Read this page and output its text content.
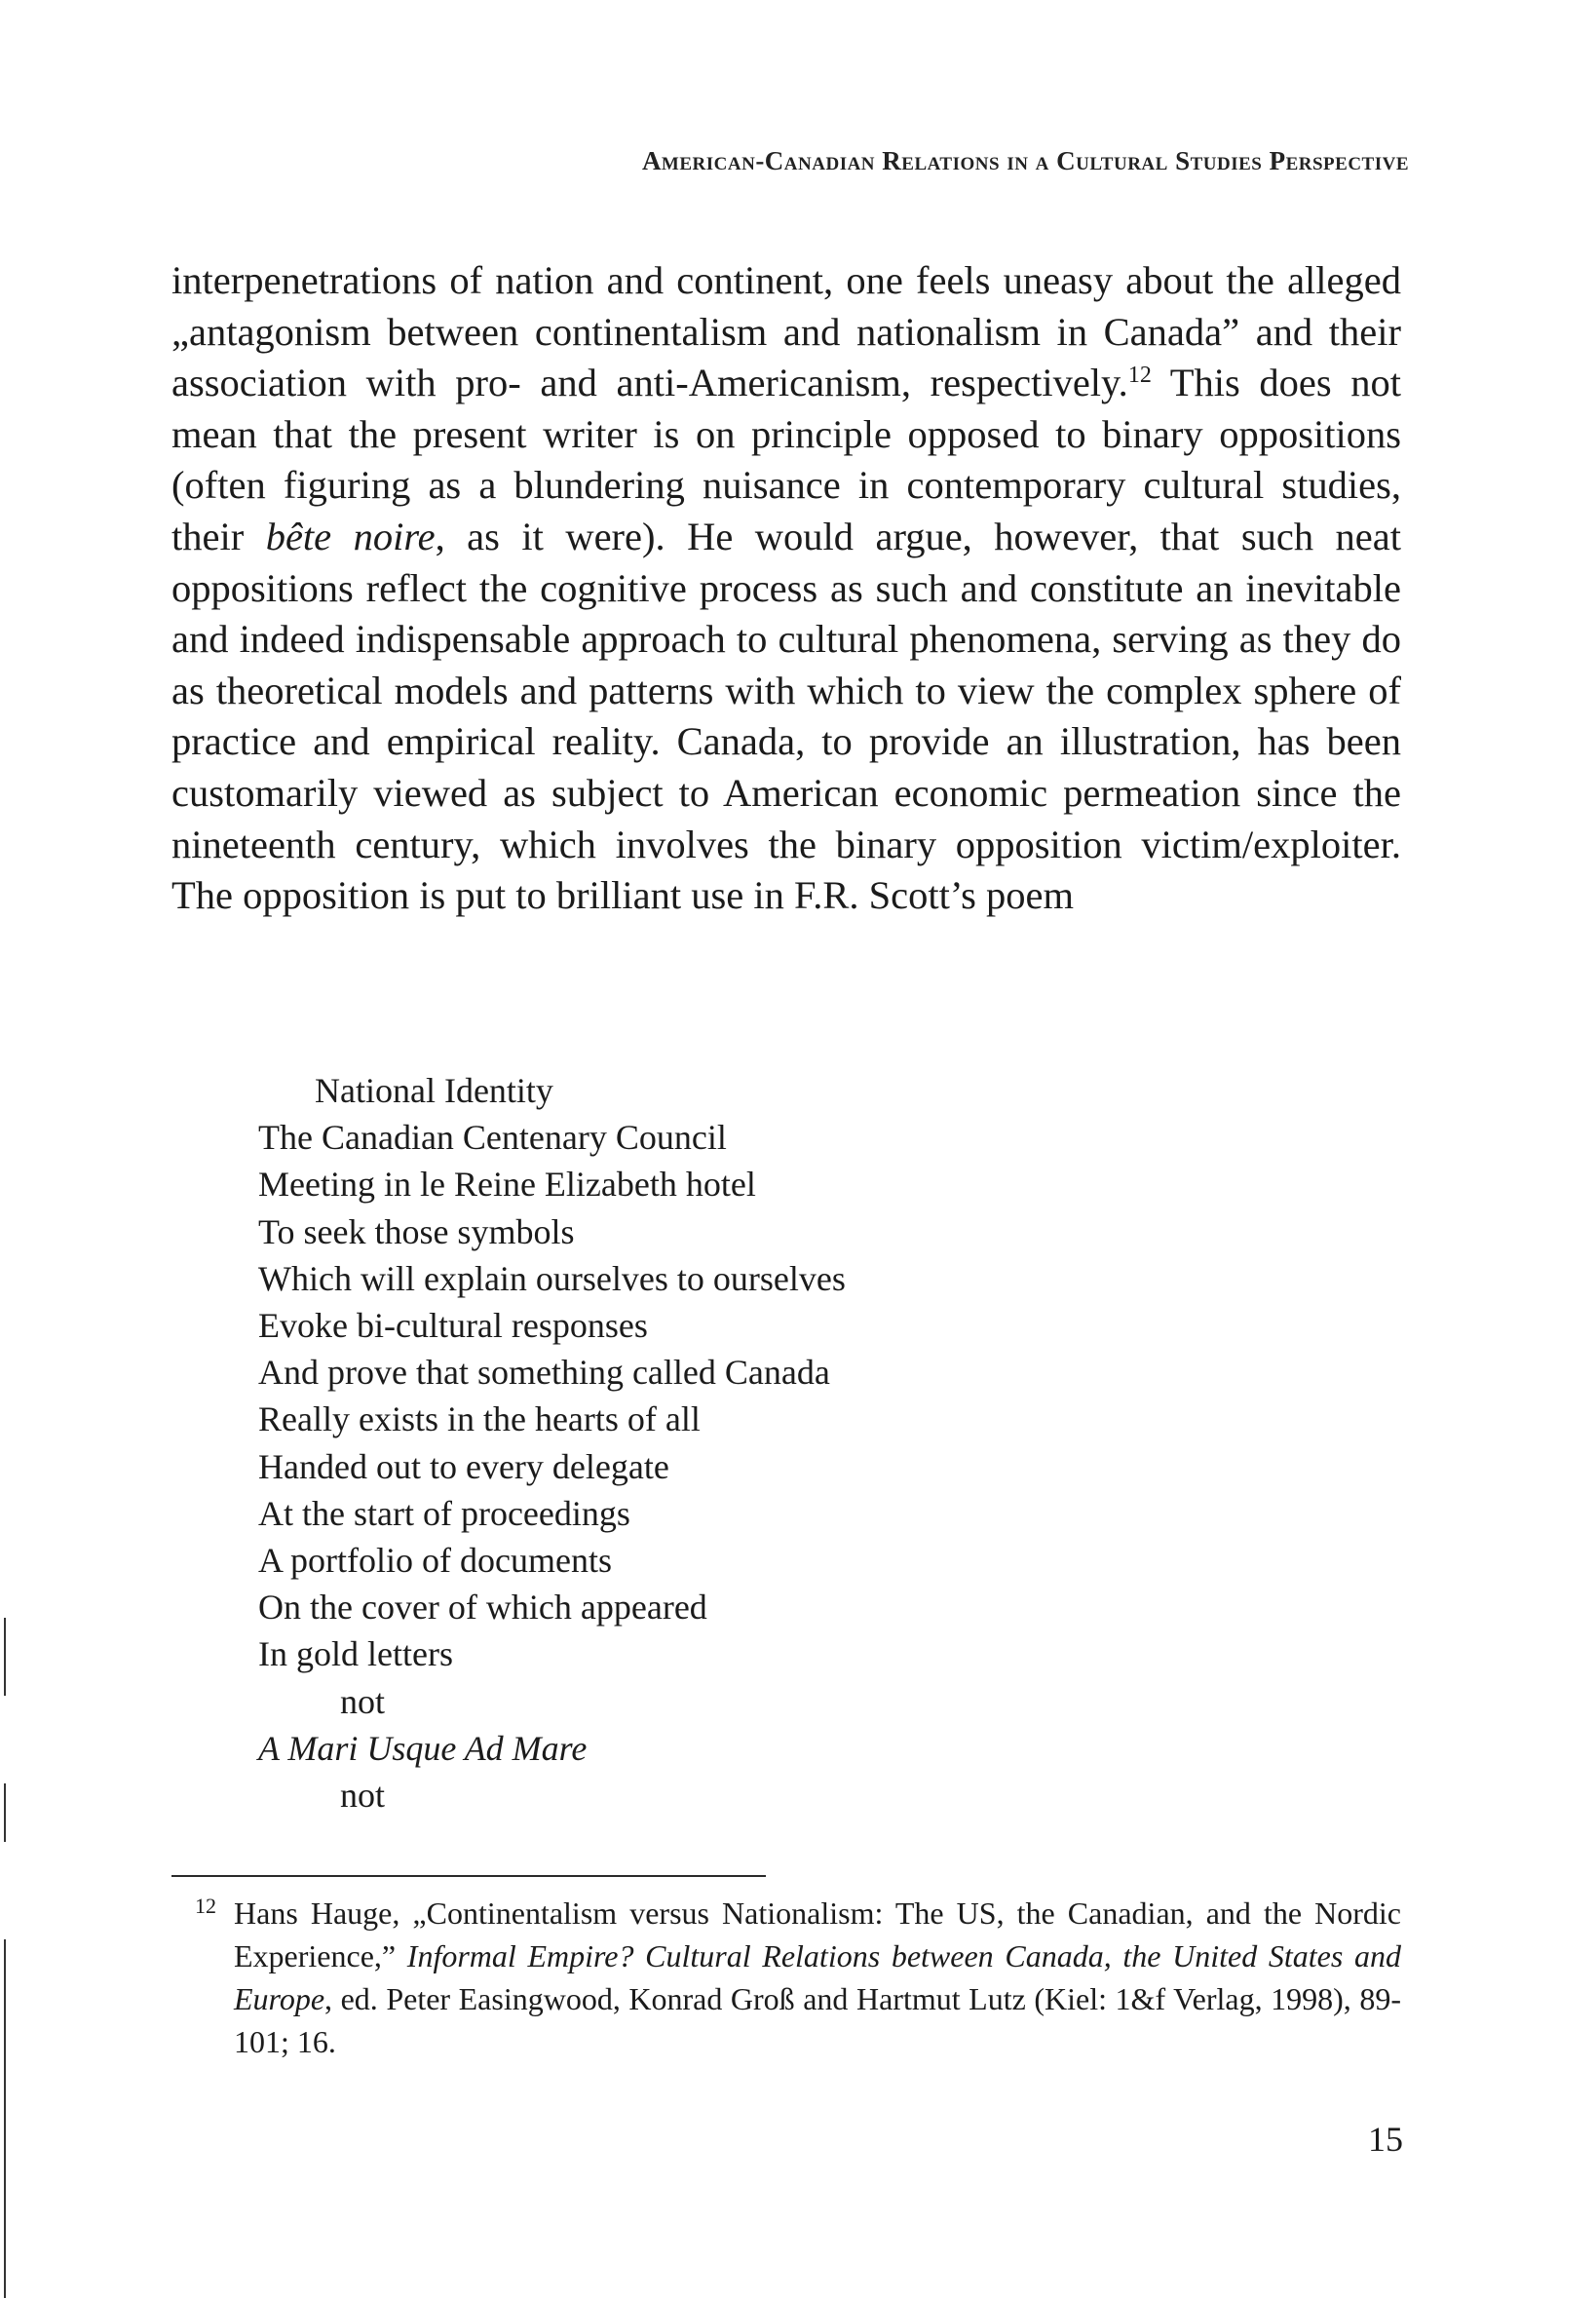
American-Canadian Relations in a Cultural Studies Perspective

interpenetrations of nation and continent, one feels uneasy about the alleged „antagonism between continentalism and nationalism in Canada” and their association with pro- and anti-Americanism, respectively.$^{12}$ This does not mean that the present writer is on principle opposed to binary oppositions (often figuring as a blundering nuisance in contemporary cultural studies, their bête noire, as it were). He would argue, however, that such neat oppositions reflect the cognitive process as such and constitute an inevitable and indeed indispensable approach to cultural phenomena, serving as they do as theoretical models and patterns with which to view the complex sphere of practice and empirical reality. Canada, to provide an illustration, has been customarily viewed as subject to American economic permeation since the nineteenth century, which involves the binary opposition victim/exploiter. The opposition is put to brilliant use in F.R. Scott’s poem

National Identity
The Canadian Centenary Council
Meeting in le Reine Elizabeth hotel
To seek those symbols
Which will explain ourselves to ourselves
Evoke bi-cultural responses
And prove that something called Canada
Really exists in the hearts of all
Handed out to every delegate
At the start of proceedings
A portfolio of documents
On the cover of which appeared
In gold letters
not
A Mari Usque Ad Mare
not
12 Hans Hauge, „Continentalism versus Nationalism: The US, the Canadian, and the Nordic Experience,” Informal Empire? Cultural Relations between Canada, the United States and Europe, ed. Peter Easingwood, Konrad Groß and Hartmut Lutz (Kiel: 1&f Verlag, 1998), 89-101; 16.
15
